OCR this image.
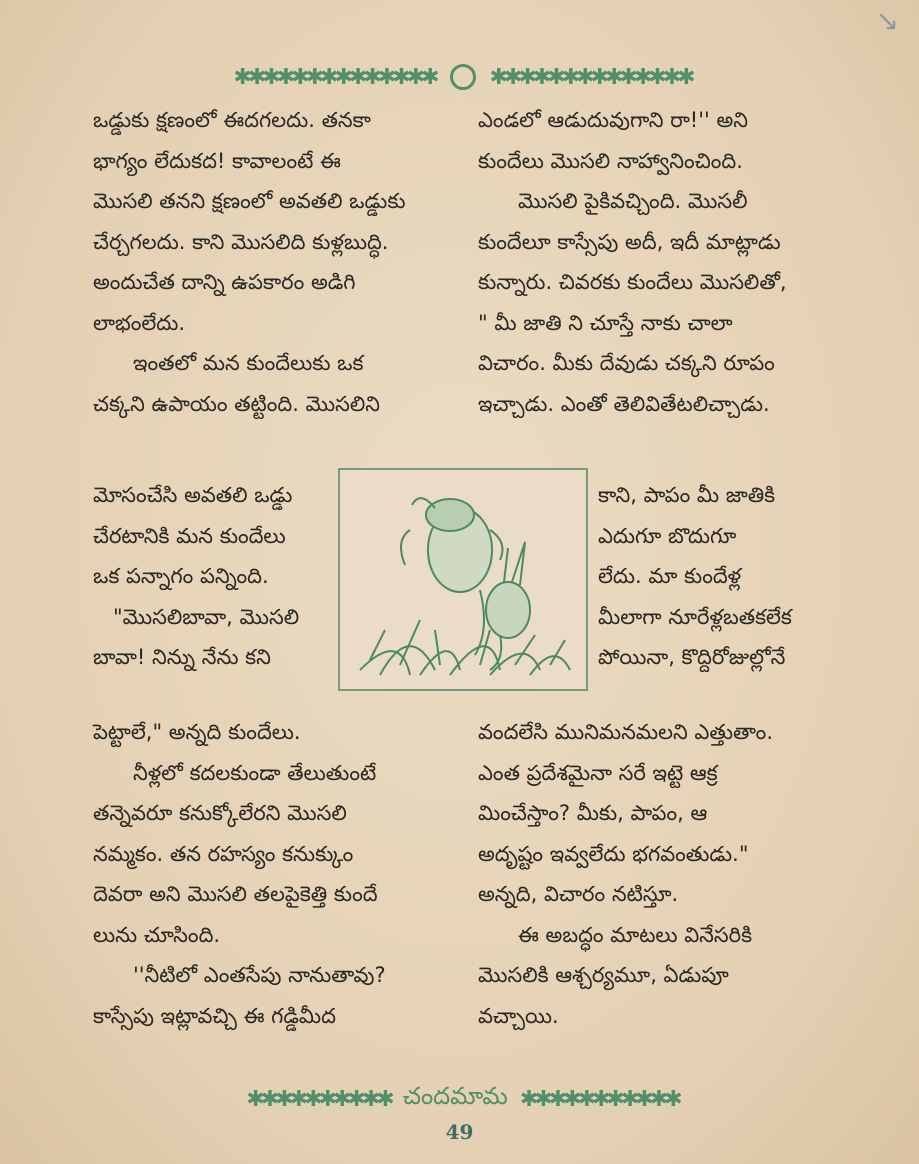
↘
✱✱✱✱✱✱✱✱✱✱✱✱✱✱ ✱✱✱✱✱✱✱✱✱✱✱✱✱✱

ఒడ్డుకు క్షణంలో ఈదగలదు. తనకా

భాగ్యం లేదుకద! కావాలంటే ఈ

మొసలి తనని క్షణంలో అవతలి ఒడ్డుకు

చేర్చగలదు. కాని మొసలిది కుళ్లబుద్ధి.

అందుచేత దాన్ని ఉపకారం అడిగి

లాభంలేదు.

ఇంతలో మన కుందేలుకు ఒక

చక్కని ఉపాయం తట్టింది. మొసలిని

ఎండలో ఆడుదువుగాని రా!'' అని

కుందేలు మొసలి నాహ్వానించింది.

మొసలి పైకివచ్చింది. మొసలీ

కుందేలూ కాస్సేపు అదీ, ఇదీ మాట్లాడు

కున్నారు. చివరకు కుందేలు మొసలితో,

" మీ జాతి ని చూస్తే నాకు చాలా

విచారం. మీకు దేవుడు చక్కని రూపం

ఇచ్చాడు. ఎంతో తెలివితేటలిచ్చాడు.

మోసంచేసి అవతలి ఒడ్డు

చేరటానికి మన కుందేలు

ఒక పన్నాగం పన్నింది.

"మొసలిబావా, మొసలి

బావా! నిన్ను నేను కని

కాని, పాపం మీ జాతికి

ఎదుగూ బొదుగూ

లేదు. మా కుందేళ్ల

మీలాగా నూరేళ్లబతకలేక

పోయినా, కొద్దిరోజుల్లోనే

పెట్టాలే," అన్నది కుందేలు.

నీళ్లలో కదలకుండా తేలుతుంటే

తన్నెవరూ కనుక్కోలేరని మొసలి

నమ్మకం. తన రహస్యం కనుక్కుం

దెవరా అని మొసలి తలపైకెత్తి కుందే

లును చూసింది.

''నీటిలో ఎంతసేపు నానుతావు?

కాస్సేపు ఇట్లావచ్చి ఈ గడ్డిమీద

వందలేసి మునిమనమలని ఎత్తుతాం.

ఎంత ప్రదేశమైనా సరే ఇట్టె ఆక్ర

మించేస్తాం? మీకు, పాపం, ఆ

అదృష్టం ఇవ్వలేదు భగవంతుడు."

అన్నది, విచారం నటిస్తూ.

ఈ అబద్ధం మాటలు వినేసరికి

మొసలికి ఆశ్చర్యమూ, ఏడుపూ

వచ్చాయి.

✱✱✱✱✱✱✱✱✱✱ చందమామ ✱✱✱✱✱✱✱✱✱✱✱
49
